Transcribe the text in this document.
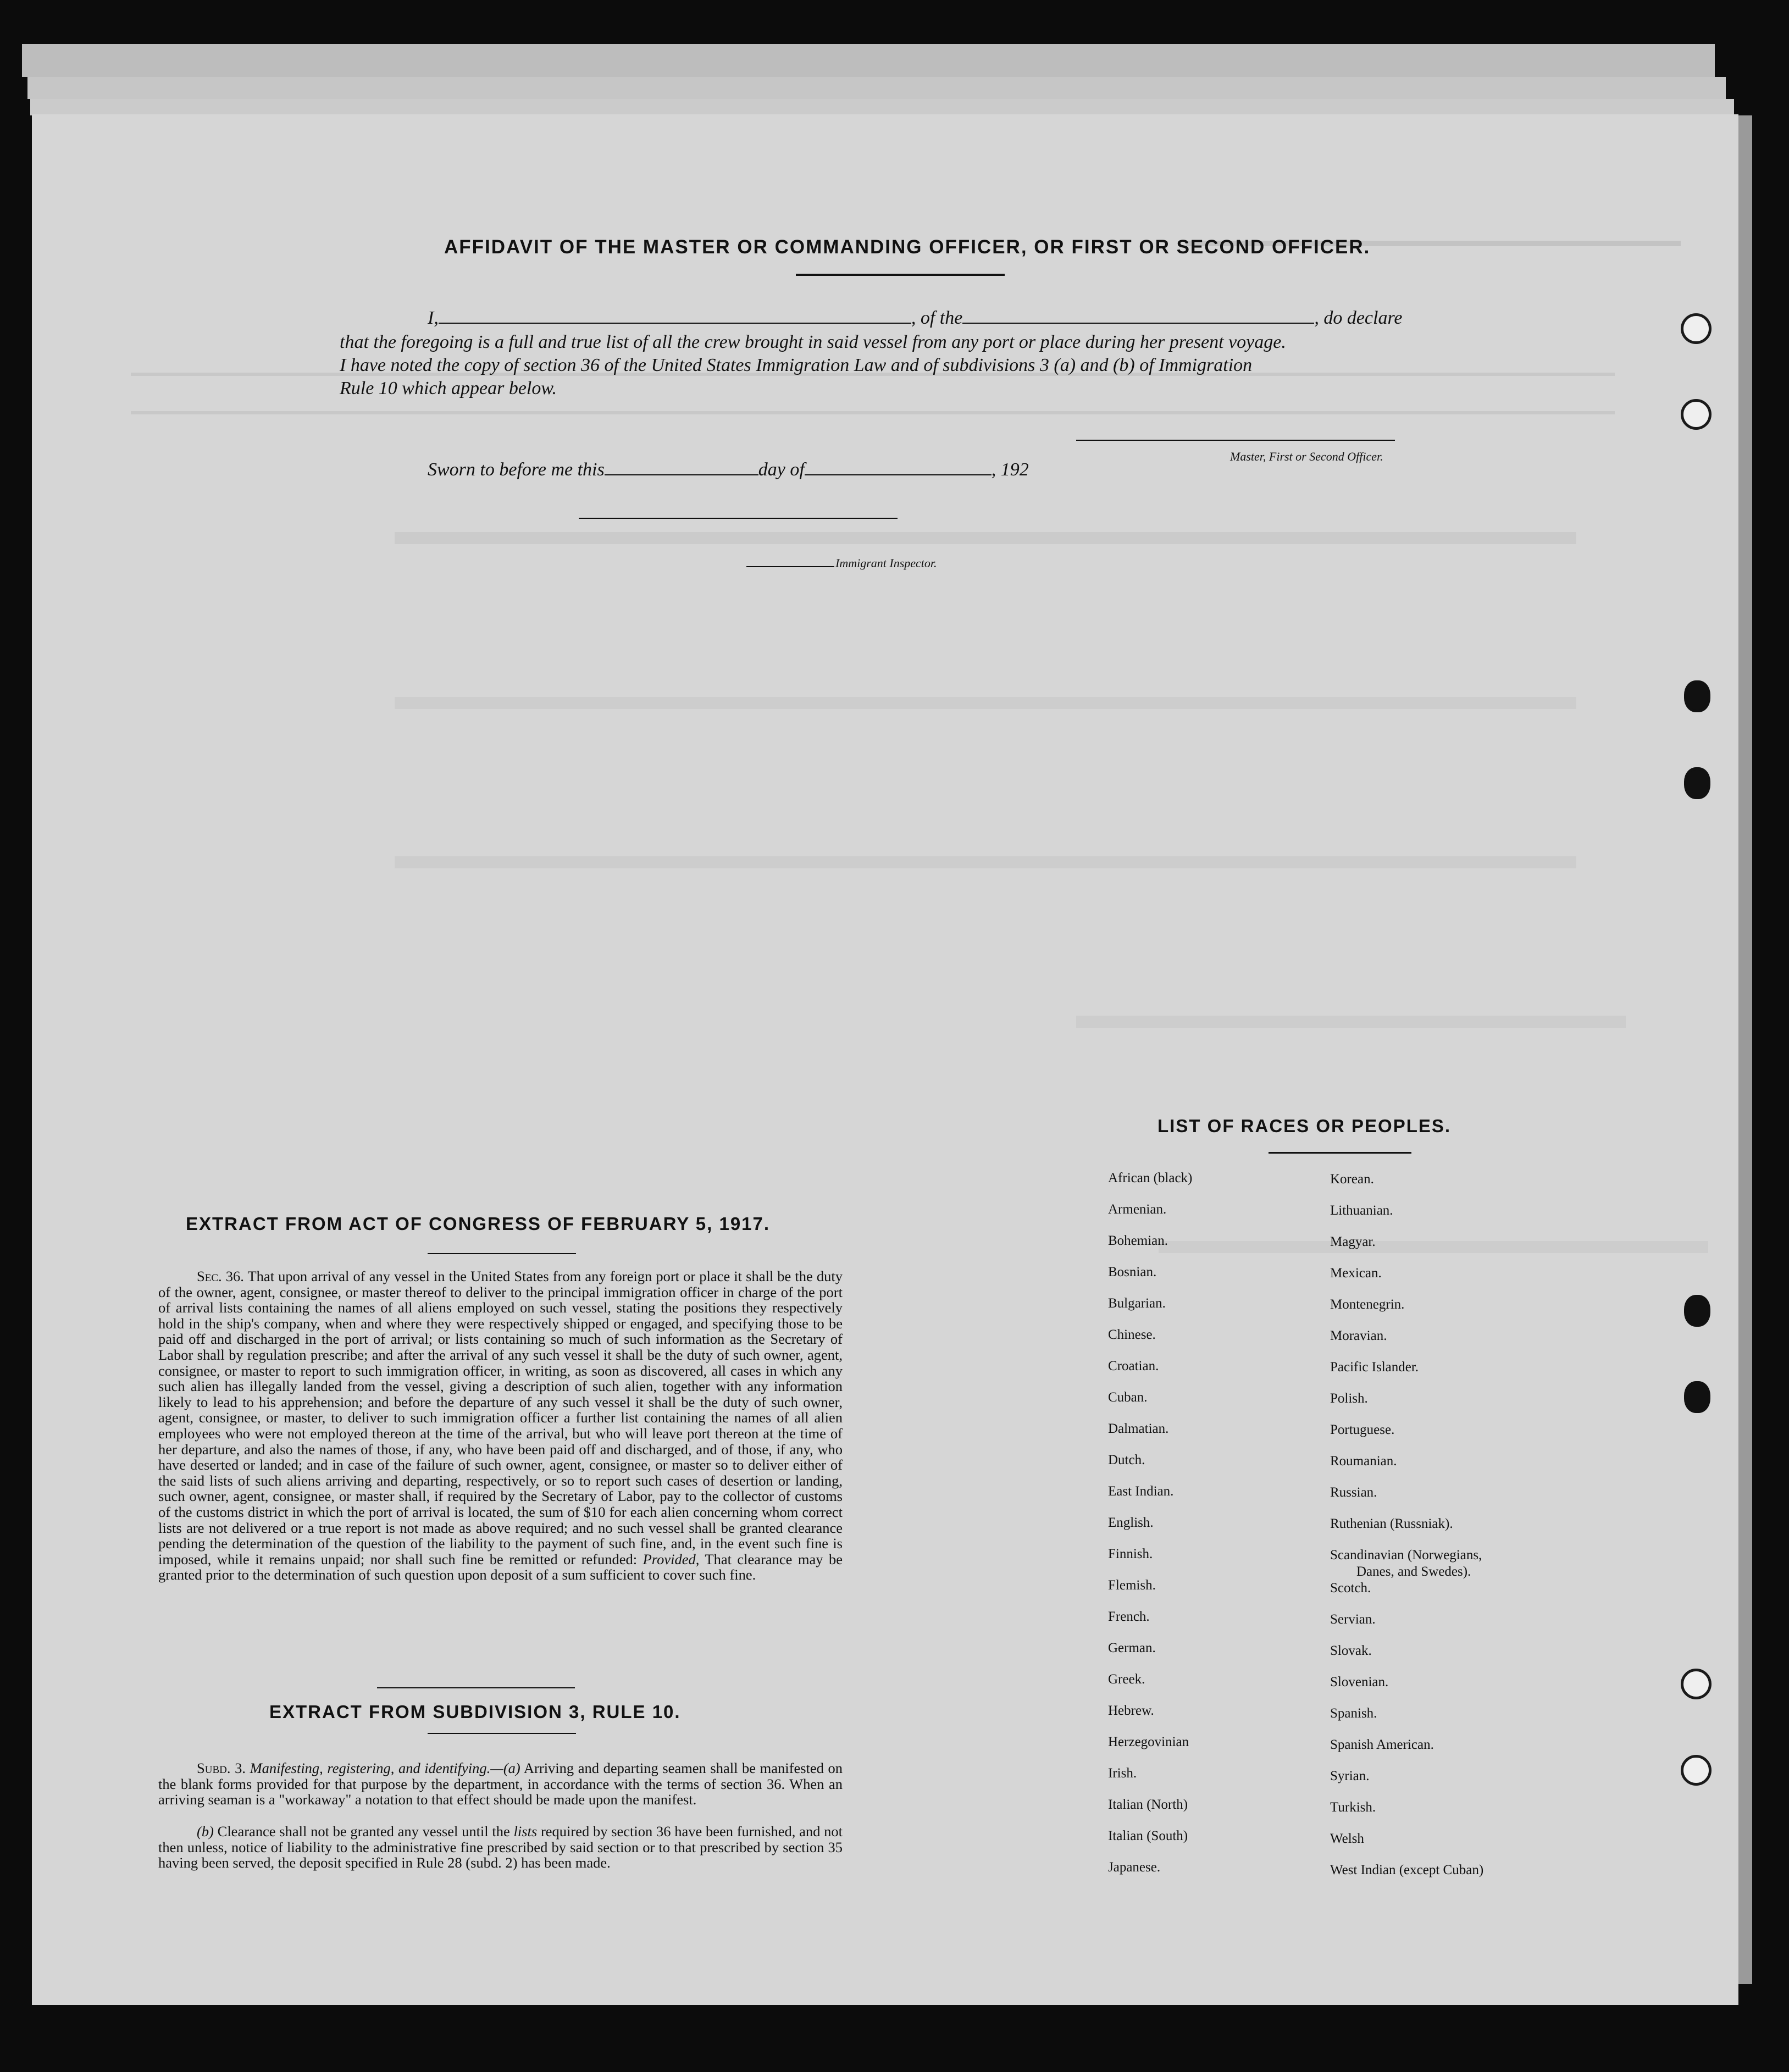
AFFIDAVIT OF THE MASTER OR COMMANDING OFFICER, OR FIRST OR SECOND OFFICER.
I,	, of the	, do declare
that the foregoing is a full and true list of all the crew brought in said vessel from any port or place during her present voyage.
I have noted the copy of section 36 of the United States Immigration Law and of subdivisions 3 (a) and (b) of Immigration
Rule 10 which appear below.
Master, First or Second Officer.
Sworn to before me this	day of	, 192
Immigrant Inspector.
EXTRACT FROM ACT OF CONGRESS OF FEBRUARY 5, 1917.

Sec. 36. That upon arrival of any vessel in the United States from any foreign port or place it shall be the duty of the owner, agent, consignee, or master thereof to deliver to the principal immigration officer in charge of the port of arrival lists containing the names of all aliens employed on such vessel, stating the positions they respectively hold in the ship's company, when and where they were respectively shipped or engaged, and specifying those to be paid off and discharged in the port of arrival; or lists containing so much of such information as the Secretary of Labor shall by regulation prescribe; and after the arrival of any such vessel it shall be the duty of such owner, agent, consignee, or master to report to such immigration officer, in writing, as soon as discovered, all cases in which any such alien has illegally landed from the vessel, giving a description of such alien, together with any information likely to lead to his apprehension; and before the departure of any such vessel it shall be the duty of such owner, agent, consignee, or master, to deliver to such immigration officer a further list containing the names of all alien employees who were not employed thereon at the time of the arrival, but who will leave port thereon at the time of her departure, and also the names of those, if any, who have been paid off and discharged, and of those, if any, who have deserted or landed; and in case of the failure of such owner, agent, consignee, or master so to deliver either of the said lists of such aliens arriving and departing, respectively, or so to report such cases of desertion or landing, such owner, agent, consignee, or master shall, if required by the Secretary of Labor, pay to the collector of customs of the customs district in which the port of arrival is located, the sum of $10 for each alien concerning whom correct lists are not delivered or a true report is not made as above required; and no such vessel shall be granted clearance pending the determination of the question of the liability to the payment of such fine, and, in the event such fine is imposed, while it remains unpaid; nor shall such fine be remitted or refunded: Provided, That clearance may be granted prior to the determination of such question upon deposit of a sum sufficient to cover such fine.

EXTRACT FROM SUBDIVISION 3, RULE 10.

Subd. 3. Manifesting, registering, and identifying.—(a) Arriving and departing seamen shall be manifested on the blank forms provided for that purpose by the department, in accordance with the terms of section 36. When an arriving seaman is a "workaway" a notation to that effect should be made upon the manifest.

(b) Clearance shall not be granted any vessel until the lists required by section 36 have been furnished, and not then unless, notice of liability to the administrative fine prescribed by said section or to that prescribed by section 35 having been served, the deposit specified in Rule 28 (subd. 2) has been made.

LIST OF RACES OR PEOPLES.
African (black)
Armenian.
Bohemian.
Bosnian.
Bulgarian.
Chinese.
Croatian.
Cuban.
Dalmatian.
Dutch.
East Indian.
English.
Finnish.
Flemish.
French.
German.
Greek.
Hebrew.
Herzegovinian
Irish.
Italian (North)
Italian (South)
Japanese.
Korean.
Lithuanian.
Magyar.
Mexican.
Montenegrin.
Moravian.
Pacific Islander.
Polish.
Portuguese.
Roumanian.
Russian.
Ruthenian (Russniak).
Scandinavian (Norwegians,
Danes, and Swedes).
Scotch.
Servian.
Slovak.
Slovenian.
Spanish.
Spanish American.
Syrian.
Turkish.
Welsh
West Indian (except Cuban)
